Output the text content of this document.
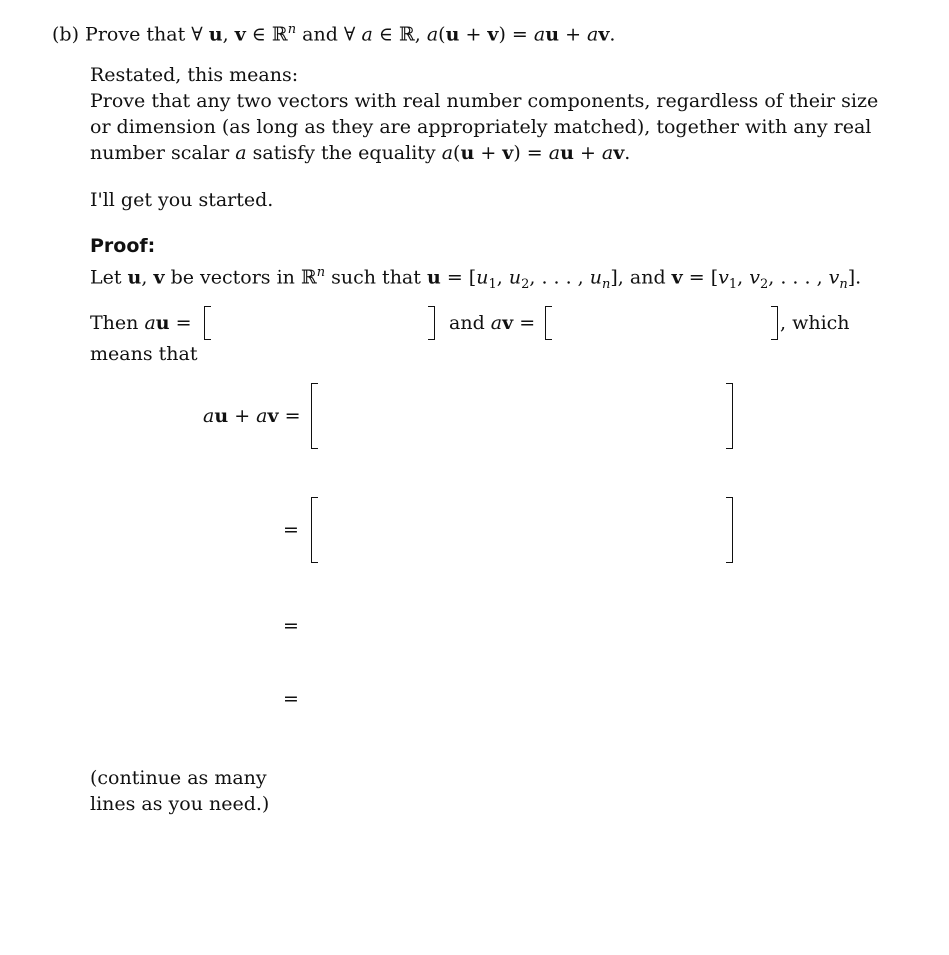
(b) Prove that ∀ u, v ∈ ℝ$^n$ and ∀ a ∈ ℝ, a(u + v) = au + av.
Restated, this means:
Prove that any two vectors with real number components, regardless of their size
or dimension (as long as they are appropriately matched), together with any real
number scalar a satisfy the equality a(u + v) = au + av.
I'll get you started.
Proof:
Let u, v be vectors in ℝ$^n$ such that $u = [u_1$, $u_2$, . . . , $u_n$], and $v = [v_1$, $v_2$, . . . , $v_n$].
Then au =	and av =	, which
means that
au + av =
=
=
=
(continue as many
lines as you need.)
